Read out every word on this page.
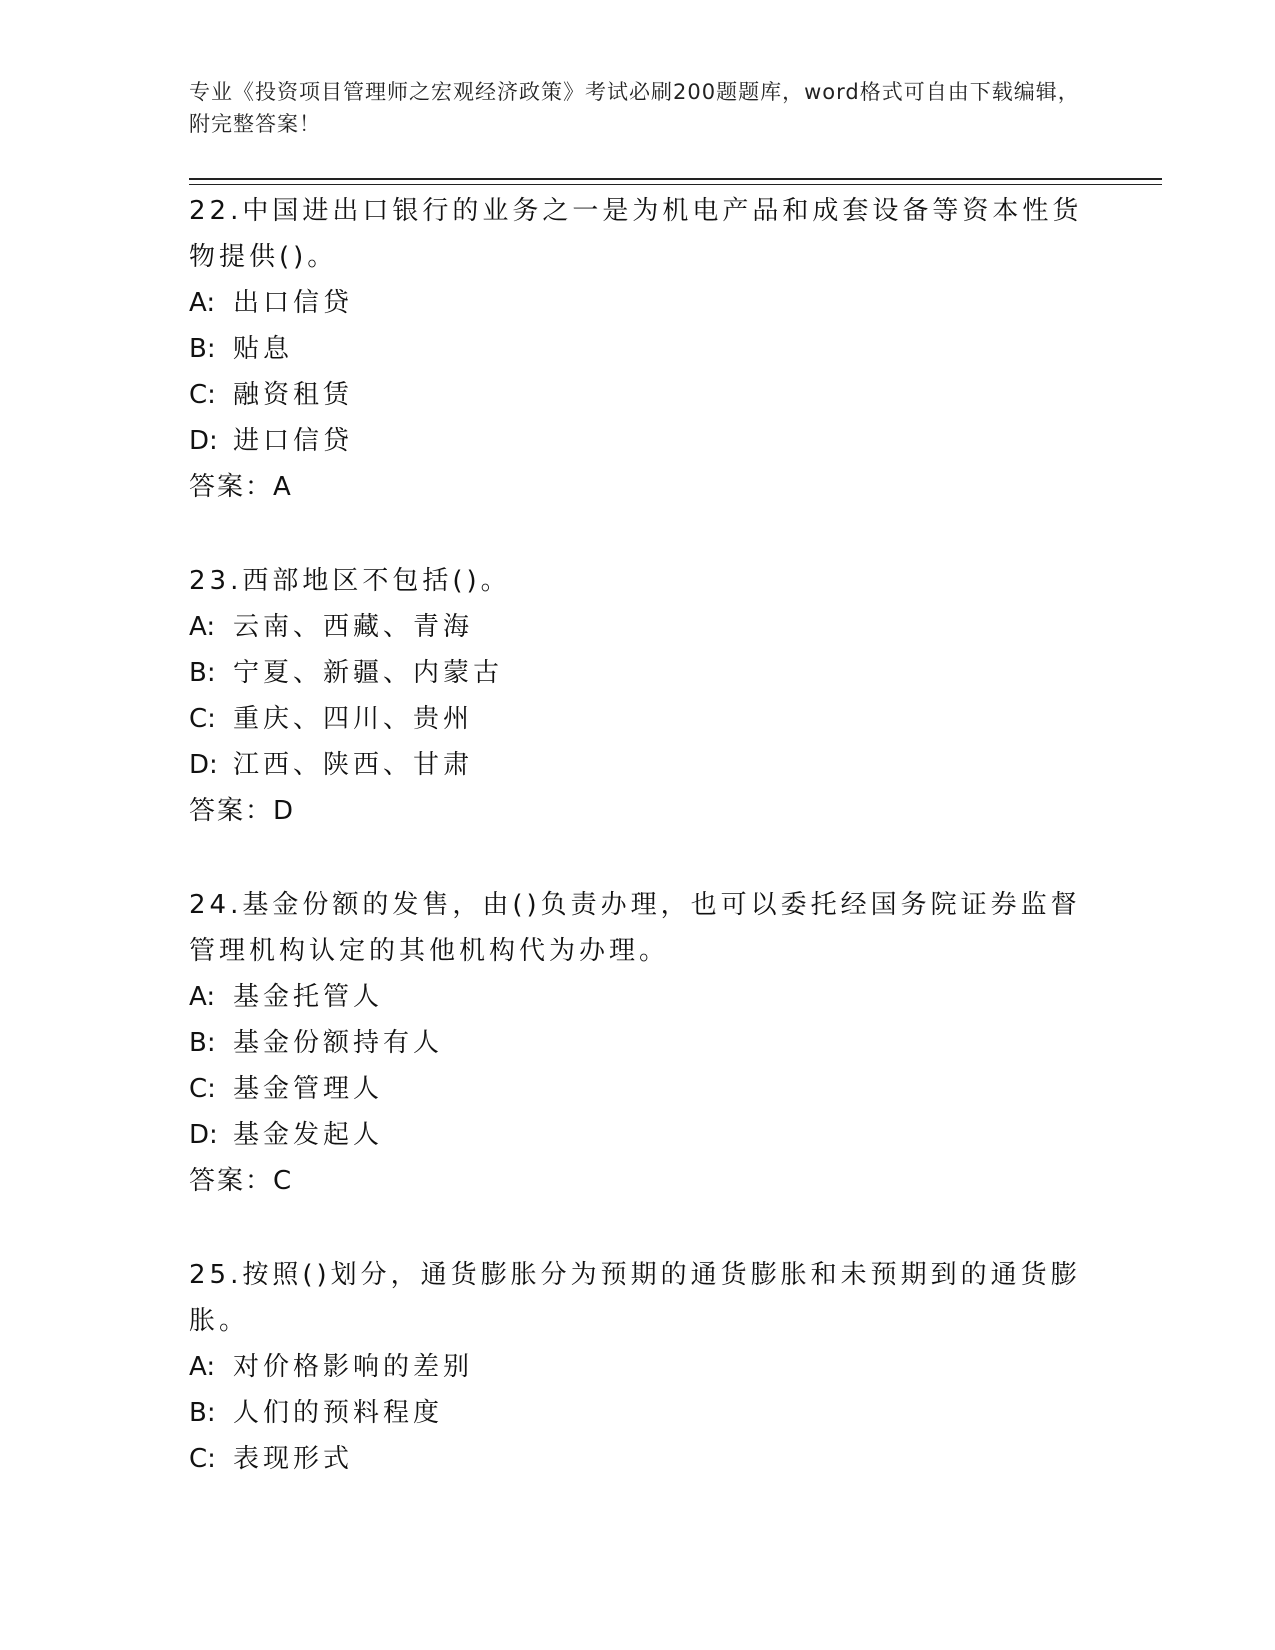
专业《投资项目管理师之宏观经济政策》考试必刷200题题库，word格式可自由下载编辑，附完整答案！

22.中国进出口银行的业务之一是为机电产品和成套设备等资本性货物提供()。

A: 出口信贷

B: 贴息

C: 融资租赁

D: 进口信贷

答案：A

23.西部地区不包括()。

A: 云南、西藏、青海

B: 宁夏、新疆、内蒙古

C: 重庆、四川、贵州

D: 江西、陕西、甘肃

答案：D

24.基金份额的发售，由()负责办理，也可以委托经国务院证券监督管理机构认定的其他机构代为办理。

A: 基金托管人

B: 基金份额持有人

C: 基金管理人

D: 基金发起人

答案：C

25.按照()划分，通货膨胀分为预期的通货膨胀和未预期到的通货膨胀。

A: 对价格影响的差别

B: 人们的预料程度

C: 表现形式
